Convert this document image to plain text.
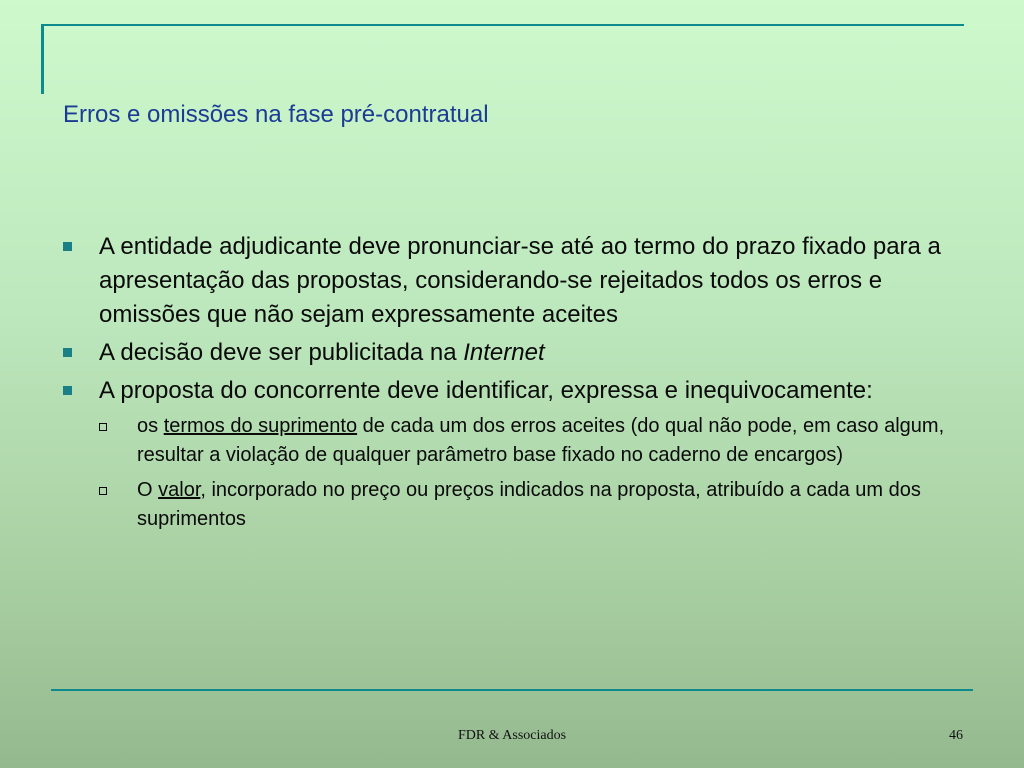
Erros e omissões na fase pré-contratual
A entidade adjudicante deve pronunciar-se até ao termo do prazo fixado para a apresentação das propostas, considerando-se rejeitados todos os erros e omissões que não sejam expressamente aceites
A decisão deve ser publicitada na Internet
A proposta do concorrente deve identificar, expressa e inequivocamente:
os termos do suprimento de cada um dos erros aceites (do qual não pode, em caso algum, resultar a violação de qualquer parâmetro base fixado no caderno de encargos)
O valor, incorporado no preço ou preços indicados na proposta, atribuído a cada um dos suprimentos
FDR & Associados	46
